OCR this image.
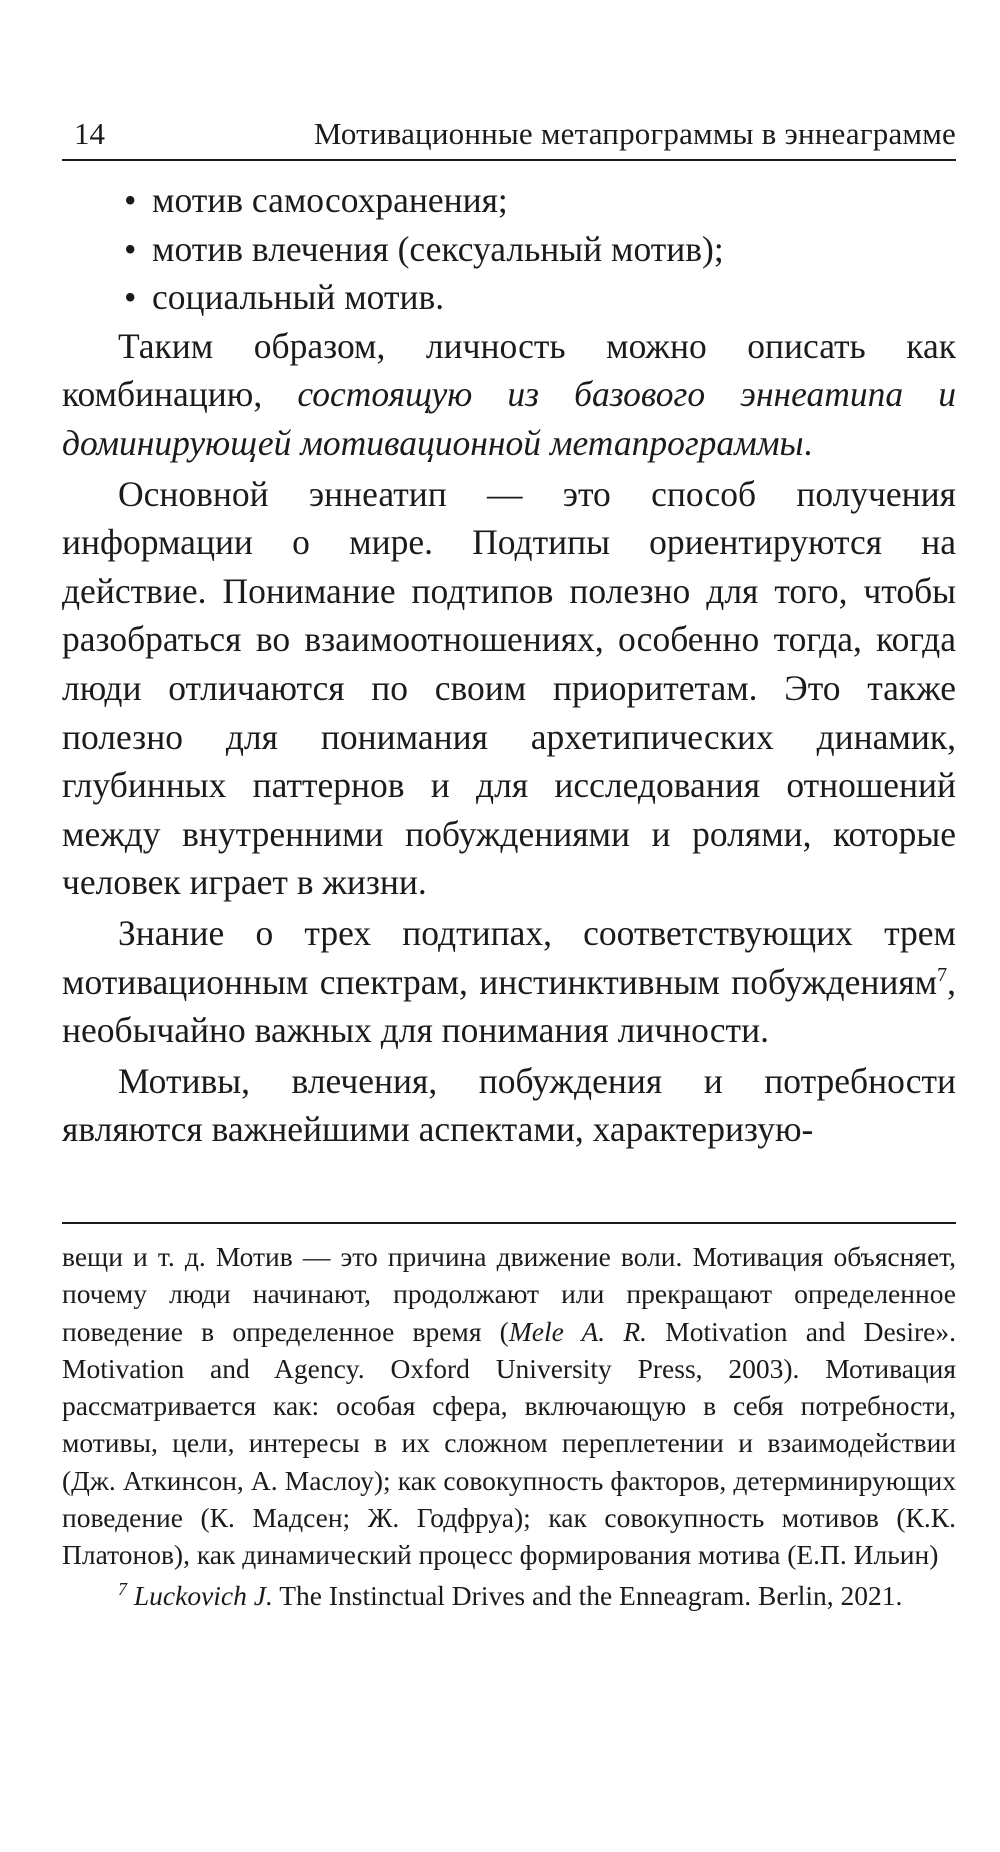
14	Мотивационные метапрограммы в эннеаграмме
• мотив самосохранения;
• мотив влечения (сексуальный мотив);
• социальный мотив.

Таким образом, личность можно описать как комбинацию, состоящую из базового эннеатипа и доминирующей мотивационной метапрограммы.

Основной эннеатип — это способ получения информации о мире. Подтипы ориентируются на действие. Понимание подтипов полезно для того, чтобы разобраться во взаимоотношениях, особенно тогда, когда люди отличаются по своим приоритетам. Это также полезно для понимания архетипических динамик, глубинных паттернов и для исследования отношений между внутренними побуждениями и ролями, которые человек играет в жизни.

Знание о трех подтипах, соответствующих трем мотивационным спектрам, инстинктивным побуждениям$^7$, необычайно важных для понимания личности.

Мотивы, влечения, побуждения и потребности являются важнейшими аспектами, характеризую-

вещи и т. д. Мотив — это причина движение воли. Мотивация объясняет, почему люди начинают, продолжают или прекращают определенное поведение в определенное время (Mele A. R. Motivation and Desire». Motivation and Agency. Oxford University Press, 2003). Мотивация рассматривается как: особая сфера, включающую в себя потребности, мотивы, цели, интересы в их сложном переплетении и взаимодействии (Дж. Аткинсон, А. Маслоу); как совокупность факторов, детерминирующих поведение (К. Мадсен; Ж. Годфруа); как совокупность мотивов (К.К. Платонов), как динамический процесс формирования мотива (Е.П. Ильин)

$^7$ Luckovich J. The Instinctual Drives and the Enneagram. Berlin, 2021.
